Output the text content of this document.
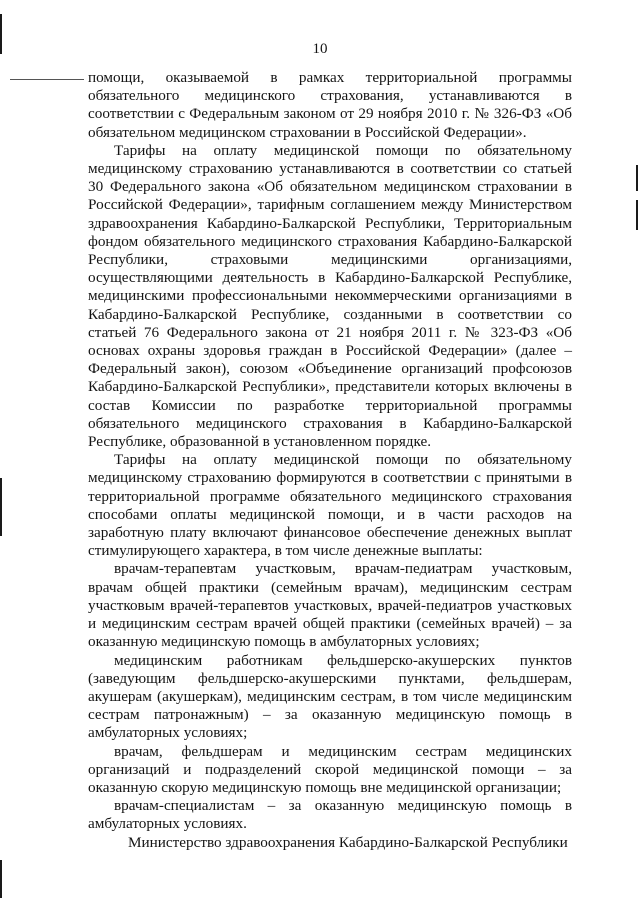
10

помощи, оказываемой в рамках территориальной программы обязательного медицинского страхования, устанавливаются в соответствии с Федеральным законом от 29 ноября 2010 г. № 326-ФЗ «Об обязательном медицинском страховании в Российской Федерации».

Тарифы на оплату медицинской помощи по обязательному медицинскому страхованию устанавливаются в соответствии со статьей 30 Федерального закона «Об обязательном медицинском страховании в Российской Федерации», тарифным соглашением между Министерством здравоохранения Кабардино-Балкарской Республики, Территориальным фондом обязательного медицинского страхования Кабардино-Балкарской Республики, страховыми медицинскими организациями, осуществляющими деятельность в Кабардино-Балкарской Республике, медицинскими профессиональными некоммерческими организациями в Кабардино-Балкарской Республике, созданными в соответствии со статьей 76 Федерального закона от 21 ноября 2011 г. № 323-ФЗ «Об основах охраны здоровья граждан в Российской Федерации» (далее – Федеральный закон), союзом «Объединение организаций профсоюзов Кабардино-Балкарской Республики», представители которых включены в состав Комиссии по разработке территориальной программы обязательного медицинского страхования в Кабардино-Балкарской Республике, образованной в установленном порядке.

Тарифы на оплату медицинской помощи по обязательному медицинскому страхованию формируются в соответствии с принятыми в территориальной программе обязательного медицинского страхования способами оплаты медицинской помощи, и в части расходов на заработную плату включают финансовое обеспечение денежных выплат стимулирующего характера, в том числе денежные выплаты:

врачам-терапевтам участковым, врачам-педиатрам участковым, врачам общей практики (семейным врачам), медицинским сестрам участковым врачей-терапевтов участковых, врачей-педиатров участковых и медицинским сестрам врачей общей практики (семейных врачей) – за оказанную медицинскую помощь в амбулаторных условиях;

медицинским работникам фельдшерско-акушерских пунктов (заведующим фельдшерско-акушерскими пунктами, фельдшерам, акушерам (акушеркам), медицинским сестрам, в том числе медицинским сестрам патронажным) – за оказанную медицинскую помощь в амбулаторных условиях;

врачам, фельдшерам и медицинским сестрам медицинских организаций и подразделений скорой медицинской помощи – за оказанную скорую медицинскую помощь вне медицинской организации;

врачам-специалистам – за оказанную медицинскую помощь в амбулаторных условиях.

Министерство здравоохранения Кабардино-Балкарской Республики
